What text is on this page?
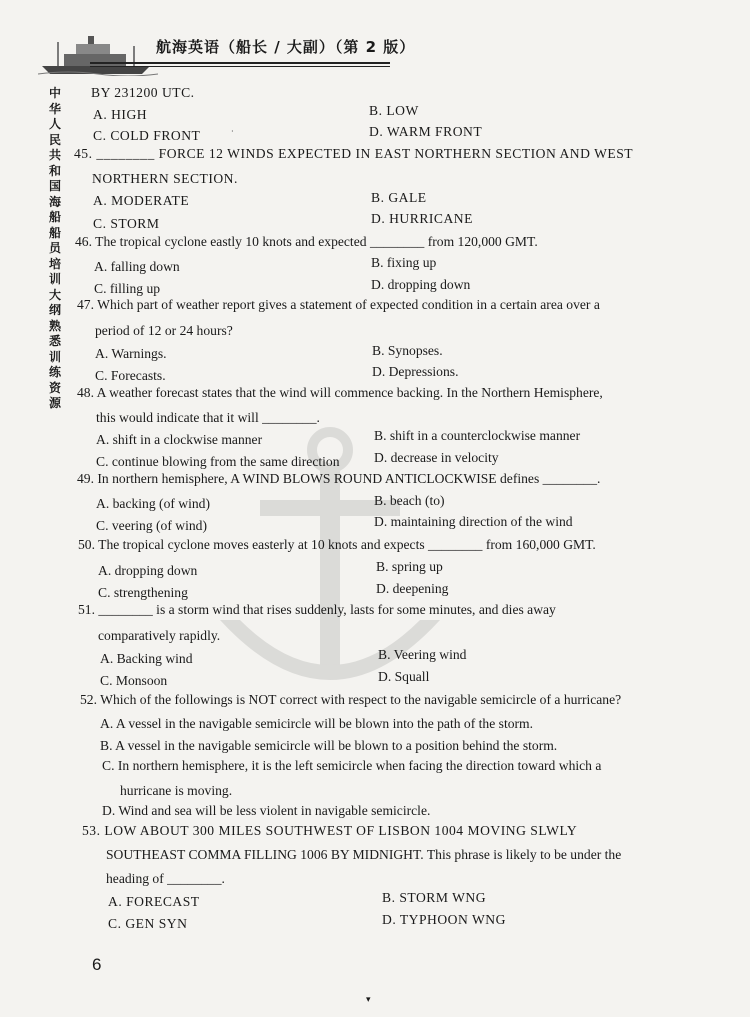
航海英语（船长 / 大副）（第 2 版）
中华人民共和国海船船员培训大纲熟悉训练资源
BY 231200 UTC.
A. HIGH	B. LOW
C. COLD FRONT	·	D. WARM FRONT
45. ________ FORCE 12 WINDS EXPECTED IN EAST NORTHERN SECTION AND WEST
NORTHERN SECTION.
A. MODERATE	B. GALE
C. STORM	D. HURRICANE
46. The tropical cyclone eastly 10 knots and expected ________ from 120,000 GMT.
A. falling down	B. fixing up
C. filling up	D. dropping down
47. Which part of weather report gives a statement of expected condition in a certain area over a
period of 12 or 24 hours?
A. Warnings.	B. Synopses.
C. Forecasts.	D. Depressions.
48. A weather forecast states that the wind will commence backing. In the Northern Hemisphere,
this would indicate that it will ________.
A. shift in a clockwise manner	B. shift in a counterclockwise manner
C. continue blowing from the same direction	D. decrease in velocity
49. In northern hemisphere, A WIND BLOWS ROUND ANTICLOCKWISE defines ________.
A. backing (of wind)	B. beach (to)
C. veering (of wind)	D. maintaining direction of the wind
50. The tropical cyclone moves easterly at 10 knots and expects ________ from 160,000 GMT.
A. dropping down	B. spring up
C. strengthening	D. deepening
51. ________ is a storm wind that rises suddenly, lasts for some minutes, and dies away
comparatively rapidly.
A. Backing wind	B. Veering wind
C. Monsoon	D. Squall
52. Which of the followings is NOT correct with respect to the navigable semicircle of a hurricane?
A. A vessel in the navigable semicircle will be blown into the path of the storm.
B. A vessel in the navigable semicircle will be blown to a position behind the storm.
C. In northern hemisphere, it is the left semicircle when facing the direction toward which a
hurricane is moving.
D. Wind and sea will be less violent in navigable semicircle.
53. LOW ABOUT 300 MILES SOUTHWEST OF LISBON 1004 MOVING SLWLY
SOUTHEAST COMMA FILLING 1006 BY MIDNIGHT. This phrase is likely to be under the
heading of ________.
A. FORECAST	B. STORM WNG
C. GEN SYN	D. TYPHOON WNG
6
▾
